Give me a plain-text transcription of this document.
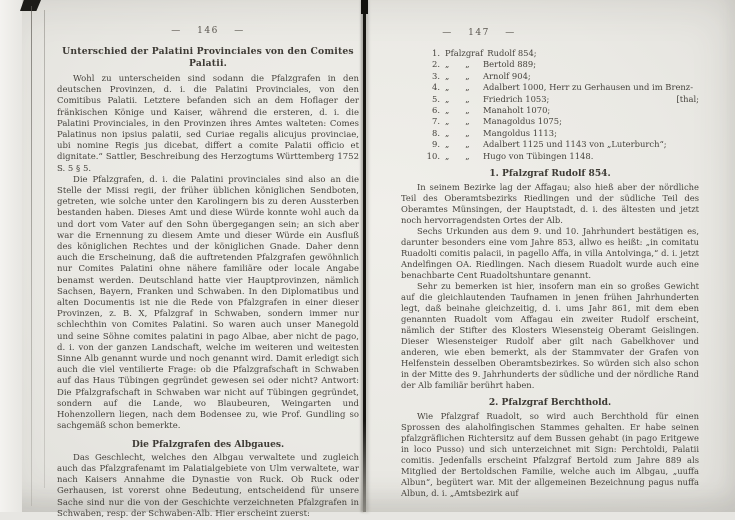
— 146 —
Unterschied der Palatini Provinciales von den Comites Palatii.

Wohl zu unterscheiden sind sodann die Pfalzgrafen in den deutschen Provinzen, d. i. die Palatini Provinciales, von den Comitibus Palatii. Letztere befanden sich an dem Hoflager der fränkischen Könige und Kaiser, während die ersteren, d. i. die Palatini Provinciales, in den Provinzen ihres Amtes walteten: Comes Palatinus non ipsius palatii, sed Curiae regalis alicujus provinciae, ubi nomine Regis jus dicebat, differt a comite Palatii officio et dignitate.“ Sattler, Beschreibung des Herzogtums Württemberg 1752 S. 5 § 5.

Die Pfalzgrafen, d. i. die Palatini provinciales sind also an die Stelle der Missi regii, der früher üblichen königlichen Sendboten, getreten, wie solche unter den Karolingern bis zu deren Aussterben bestanden haben. Dieses Amt und diese Würde konnte wohl auch da und dort vom Vater auf den Sohn übergegangen sein; an sich aber war die Ernennung zu diesem Amte und dieser Würde ein Ausfluß des königlichen Rechtes und der königlichen Gnade. Daher denn auch die Erscheinung, daß die auftretenden Pfalzgrafen gewöhnlich nur Comites Palatini ohne nähere familiäre oder locale Angabe benamst werden. Deutschland hatte vier Hauptprovinzen, nämlich Sachsen, Bayern, Franken und Schwaben. In den Diplomatibus und alten Documentis ist nie die Rede von Pfalzgrafen in einer dieser Provinzen, z. B. X, Pfalzgraf in Schwaben, sondern immer nur schlechthin von Comites Palatini. So waren auch unser Manegold und seine Söhne comites palatini in pago Albae, aber nicht de pago, d. i. von der ganzen Landschaft, welche im weiteren und weitesten Sinne Alb genannt wurde und noch genannt wird. Damit erledigt sich auch die viel ventilierte Frage: ob die Pfalzgrafschaft in Schwaben auf das Haus Tübingen gegründet gewesen sei oder nicht? Antwort: Die Pfalzgrafschaft in Schwaben war nicht auf Tübingen gegründet, sondern auf die Lande, wo Blaubeuren, Weingarten und Hohenzollern liegen, nach dem Bodensee zu, wie Prof. Gundling so sachgemäß schon bemerkte.

Die Pfalzgrafen des Albgaues.

Das Geschlecht, welches den Albgau verwaltete und zugleich auch das Pfalzgrafenamt im Palatialgebiete von Ulm verwaltete, war nach Kaisers Annahme die Dynastie von Ruck. Ob Ruck oder Gerhausen, ist vorerst ohne Bedeutung, entscheidend für unsere Sache sind nur die von der Geschichte verzeichneten Pfalzgrafen in Schwaben, resp. der Schwaben-Alb. Hier erscheint zuerst:

— 147 —
1. Pfalzgraf Rudolf 854;
2. „      „	Bertold 889;
3. „      „	Arnolf 904;
4. „      „	Adalbert 1000, Herr zu Gerhausen und im Brenz-
5. „      „	Friedrich 1053;	[thal;
6. „      „	Manaholt 1070;
7. „      „	Managoldus 1075;
8. „      „	Mangoldus 1113;
9. „      „	Adalbert 1125 und 1143 von „Luterburch“;
10. „      „	Hugo von Tübingen 1148.
1. Pfalzgraf Rudolf 854.

In seinem Bezirke lag der Affagau; also hieß aber der nördliche Teil des Oberamtsbezirks Riedlingen und der südliche Teil des Oberamtes Münsingen, der Hauptstadt, d. i. des ältesten und jetzt noch hervorragendsten Ortes der Alb.

Sechs Urkunden aus dem 9. und 10. Jahrhundert bestätigen es, darunter besonders eine vom Jahre 853, allwo es heißt: „in comitatu Ruadolti comitis palacii, in pagello Affa, in villa Antolvinga,“ d. i. jetzt Andelfingen OA. Riedlingen. Nach diesem Ruadolt wurde auch eine benachbarte Cent Ruadoltshuntare genannt.

Sehr zu bemerken ist hier, insofern man ein so großes Gewicht auf die gleichlautenden Taufnamen in jenen frühen Jahrhunderten legt, daß beinahe gleichzeitig, d. i. ums Jahr 861, mit dem eben genannten Ruadolt vom Affagau ein zweiter Rudolf erscheint, nämlich der Stifter des Klosters Wiesensteig Oberamt Geislingen. Dieser Wiesensteiger Rudolf aber gilt nach Gabelkhover und anderen, wie eben bemerkt, als der Stammvater der Grafen von Helfenstein desselben Oberamtsbezirkes. So würden sich also schon in der Mitte des 9. Jahrhunderts der südliche und der nördliche Rand der Alb familiär berührt haben.

2. Pfalzgraf Berchthold.

Wie Pfalzgraf Ruadolt, so wird auch Berchthold für einen Sprossen des alaholfingischen Stammes gehalten. Er habe seinen pfalzgräflichen Richtersitz auf dem Bussen gehabt (in pago Eritgewe in loco Pusso) und sich unterzeichnet mit Sign: Perchtoldi, Palatii comitis. Jedenfalls erscheint Pfalzgraf Bertold zum Jahre 889 als Mitglied der Bertoldschen Familie, welche auch im Albgau, „uuffa Albun“, begütert war. Mit der allgemeinen Bezeichnung pagus nuffa Albun, d. i. „Amtsbezirk auf
